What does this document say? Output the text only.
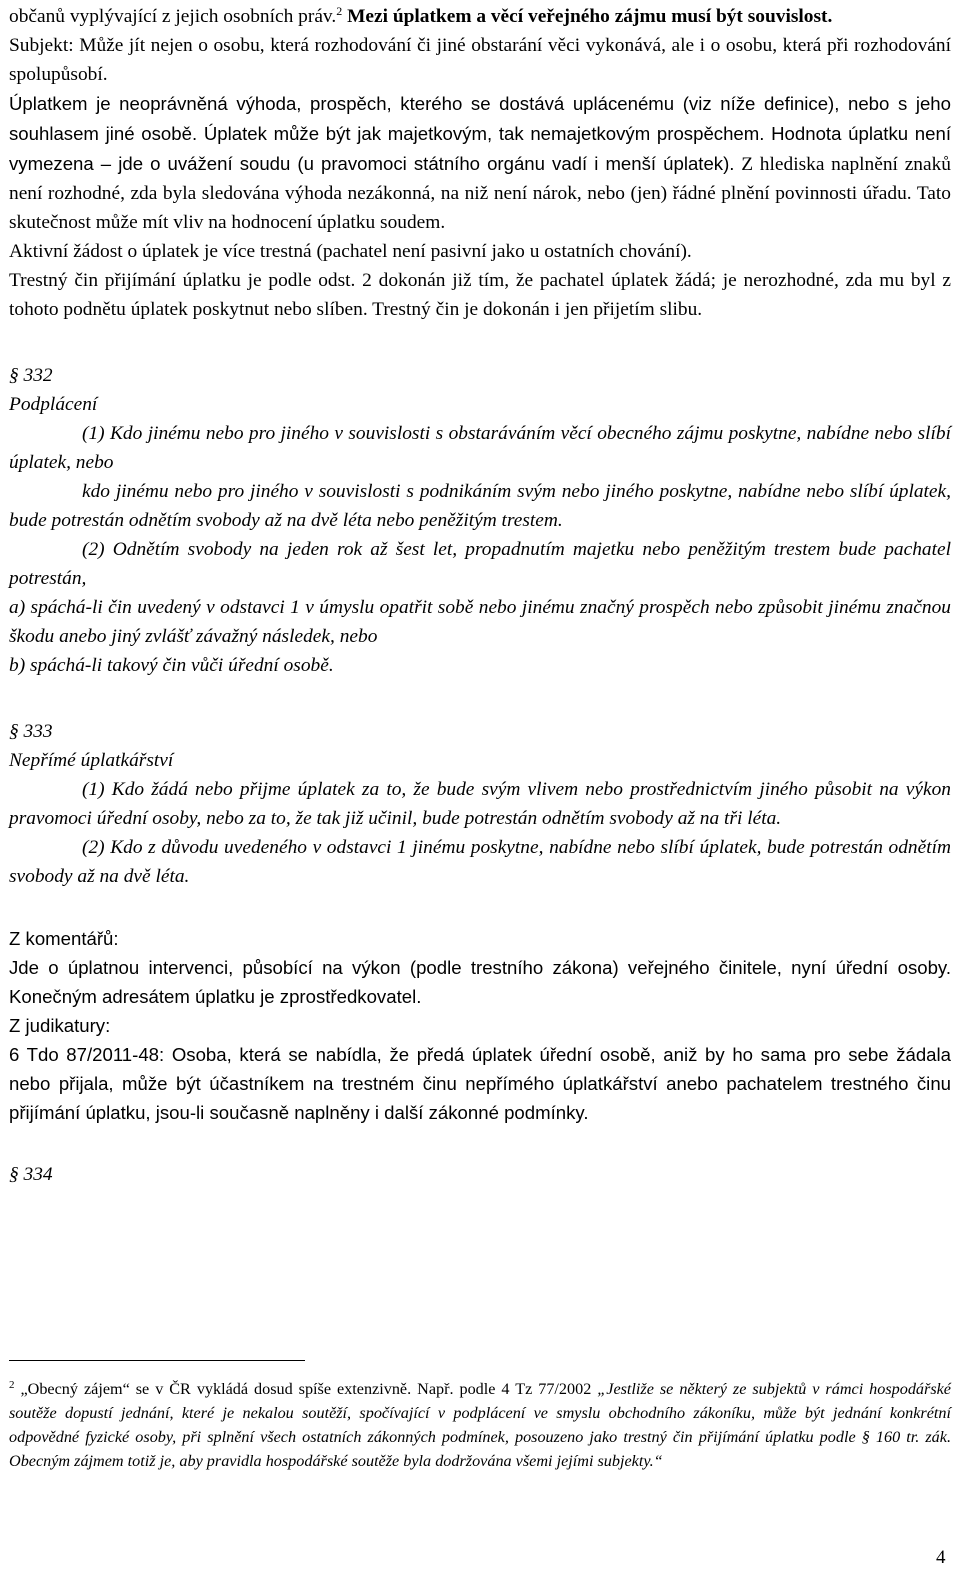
občanů vyplývající z jejich osobních práv.$^2$ Mezi úplatkem a věcí veřejného zájmu musí být souvislost.

Subjekt: Může jít nejen o osobu, která rozhodování či jiné obstarání věci vykonává, ale i o osobu, která při rozhodování spolupůsobí.

Úplatkem je neoprávněná výhoda, prospěch, kterého se dostává uplácenému (viz níže definice), nebo s jeho souhlasem jiné osobě. Úplatek může být jak majetkovým, tak nemajetkovým prospěchem. Hodnota úplatku není vymezena – jde o uvážení soudu (u pravomoci státního orgánu vadí i menší úplatek). Z hlediska naplnění znaků není rozhodné, zda byla sledována výhoda nezákonná, na niž není nárok, nebo (jen) řádné plnění povinnosti úřadu. Tato skutečnost může mít vliv na hodnocení úplatku soudem.

Aktivní žádost o úplatek je více trestná (pachatel není pasivní jako u ostatních chování).

Trestný čin přijímání úplatku je podle odst. 2 dokonán již tím, že pachatel úplatek žádá; je nerozhodné, zda mu byl z tohoto podnětu úplatek poskytnut nebo slíben. Trestný čin je dokonán i jen přijetím slibu.

§ 332

Podplácení

(1) Kdo jinému nebo pro jiného v souvislosti s obstaráváním věcí obecného zájmu poskytne, nabídne nebo slíbí úplatek, nebo

kdo jinému nebo pro jiného v souvislosti s podnikáním svým nebo jiného poskytne, nabídne nebo slíbí úplatek, bude potrestán odnětím svobody až na dvě léta nebo peněžitým trestem.

(2) Odnětím svobody na jeden rok až šest let, propadnutím majetku nebo peněžitým trestem bude pachatel potrestán,

a) spáchá-li čin uvedený v odstavci 1 v úmyslu opatřit sobě nebo jinému značný prospěch nebo způsobit jinému značnou škodu anebo jiný zvlášť závažný následek, nebo

b) spáchá-li takový čin vůči úřední osobě.

§ 333

Nepřímé úplatkářství

(1) Kdo žádá nebo přijme úplatek za to, že bude svým vlivem nebo prostřednictvím jiného působit na výkon pravomoci úřední osoby, nebo za to, že tak již učinil, bude potrestán odnětím svobody až na tři léta.

(2) Kdo z důvodu uvedeného v odstavci 1 jinému poskytne, nabídne nebo slíbí úplatek, bude potrestán odnětím svobody až na dvě léta.

Z komentářů:

Jde o úplatnou intervenci, působící na výkon (podle trestního zákona) veřejného činitele, nyní úřední osoby. Konečným adresátem úplatku je zprostředkovatel.

Z judikatury:

6 Tdo 87/2011-48: Osoba, která se nabídla, že předá úplatek úřední osobě, aniž by ho sama pro sebe žádala nebo přijala, může být účastníkem na trestném činu nepřímého úplatkářství anebo pachatelem trestného činu přijímání úplatku, jsou-li současně naplněny i další zákonné podmínky.

§ 334

$^2$ „Obecný zájem“ se v ČR vykládá dosud spíše extenzivně. Např. podle 4 Tz 77/2002 „Jestliže se některý ze subjektů v rámci hospodářské soutěže dopustí jednání, které je nekalou soutěží, spočívající v podplácení ve smyslu obchodního zákoníku, může být jednání konkrétní odpovědné fyzické osoby, při splnění všech ostatních zákonných podmínek, posouzeno jako trestný čin přijímání úplatku podle § 160 tr. zák. Obecným zájmem totiž je, aby pravidla hospodářské soutěže byla dodržována všemi jejími subjekty.“
4
